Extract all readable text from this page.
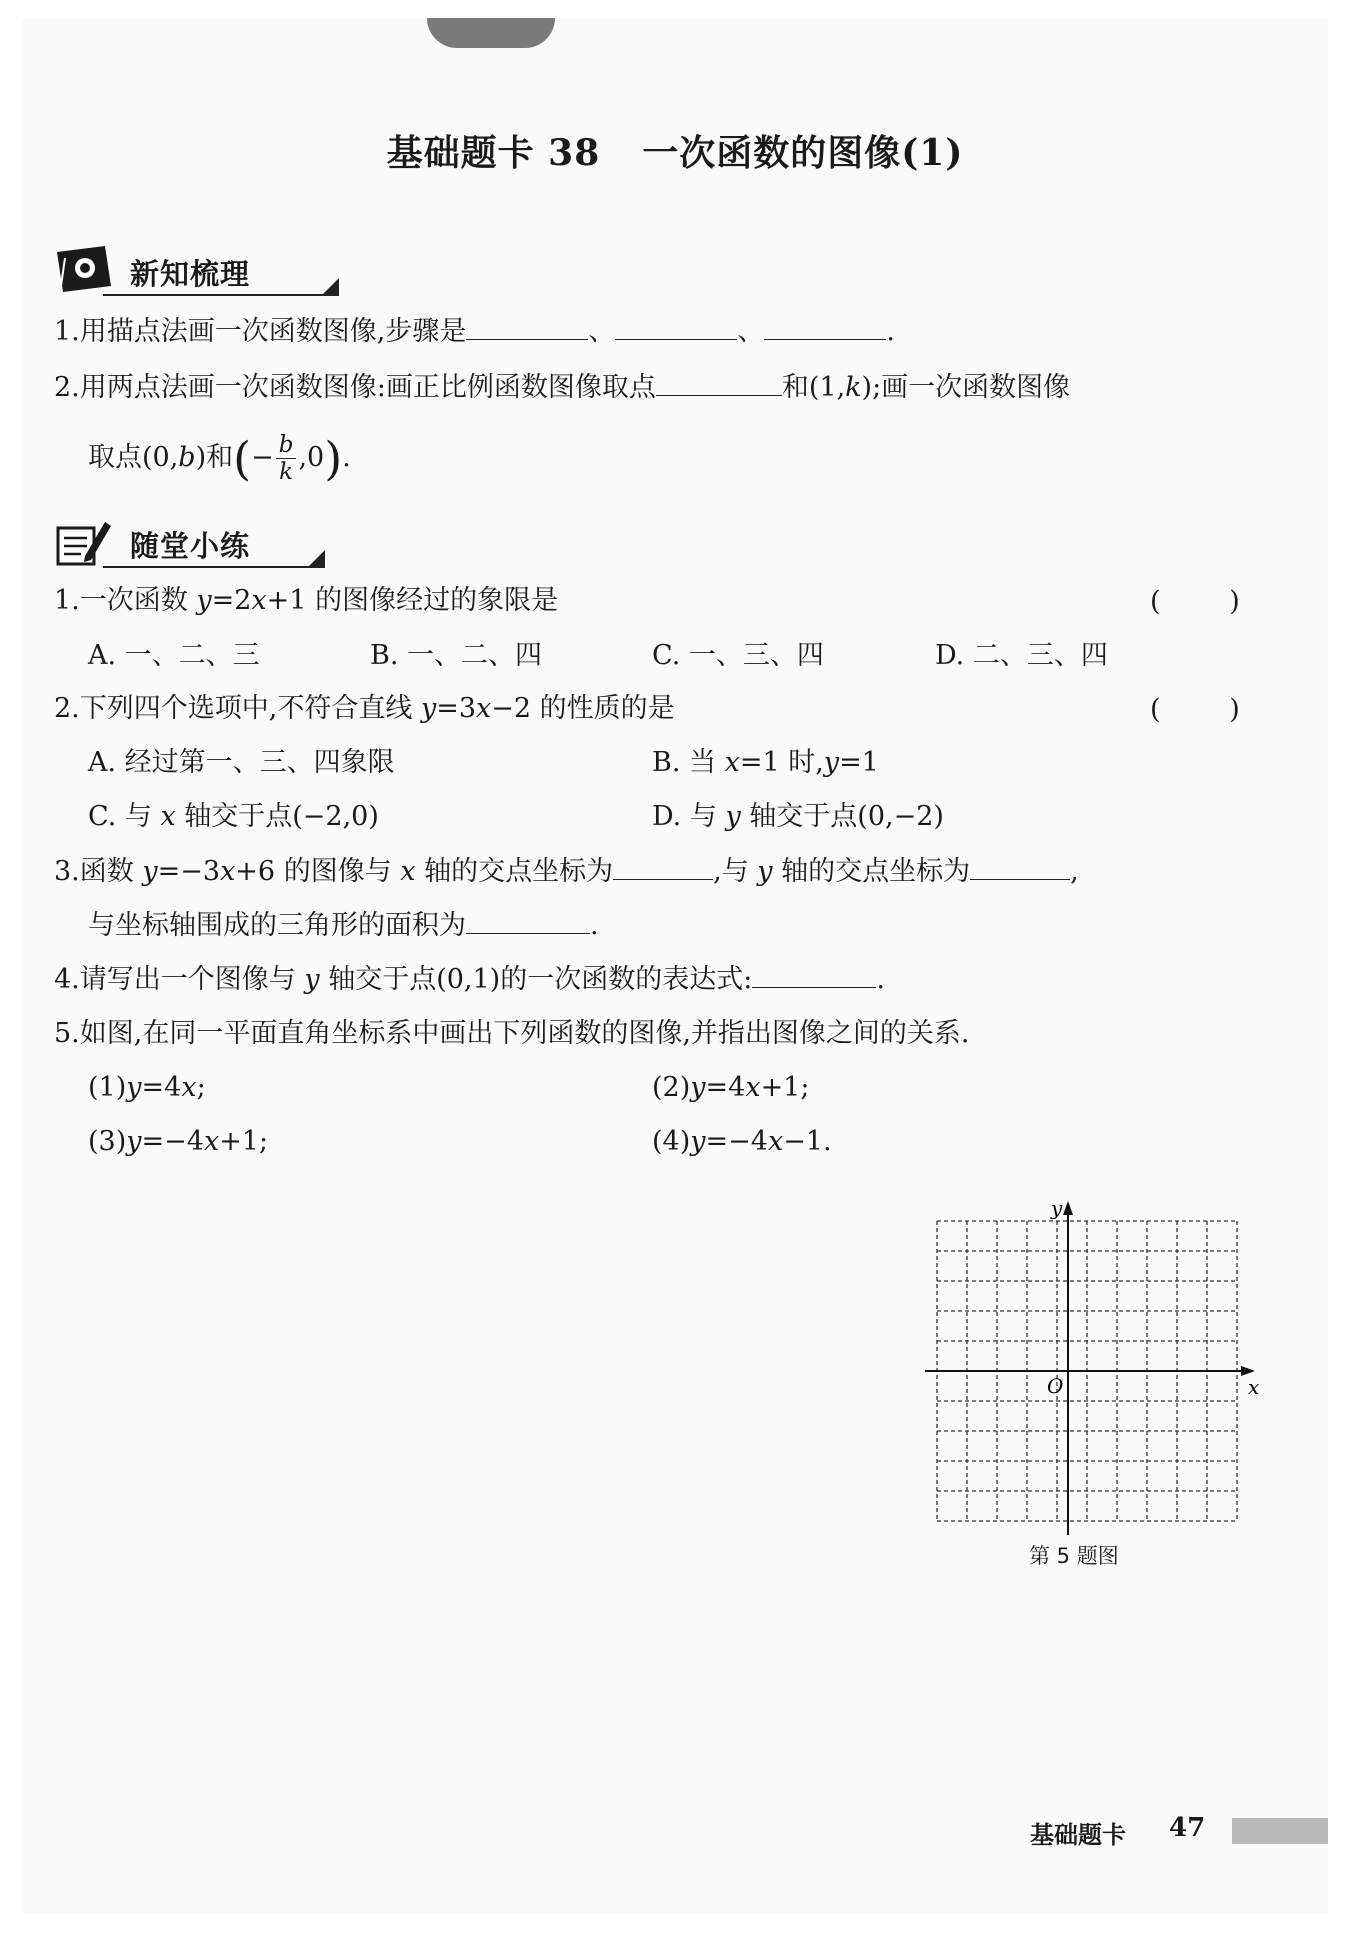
基础题卡 38 一次函数的图像(1)
新知梳理
1.用描点法画一次函数图像,步骤是	、	、	.
2.用两点法画一次函数图像:画正比例函数图像取点	和(1,k);画一次函数图像
取点(0,b)和(− $\frac{b}{k} ,0$).
随堂小练
1.一次函数 y=2x+1 的图像经过的象限是	(        )
A. 一、二、三	B. 一、二、四	C. 一、三、四	D. 二、三、四
2.下列四个选项中,不符合直线 y=3x−2 的性质的是	(        )
A. 经过第一、三、四象限	B. 当 x=1 时,y=1
C. 与 x 轴交于点(−2,0)	D. 与 y 轴交于点(0,−2)
3.函数 y=−3x+6 的图像与 x 轴的交点坐标为	,与 y 轴的交点坐标为	,
与坐标轴围成的三角形的面积为	.
4.请写出一个图像与 y 轴交于点(0,1)的一次函数的表达式:	.
5.如图,在同一平面直角坐标系中画出下列函数的图像,并指出图像之间的关系.
(1)y=4x;	(2)y=4x+1;
(3)y=−4x+1;	(4)y=−4x−1.
y
x
O
第 5 题图
基础题卡 47
